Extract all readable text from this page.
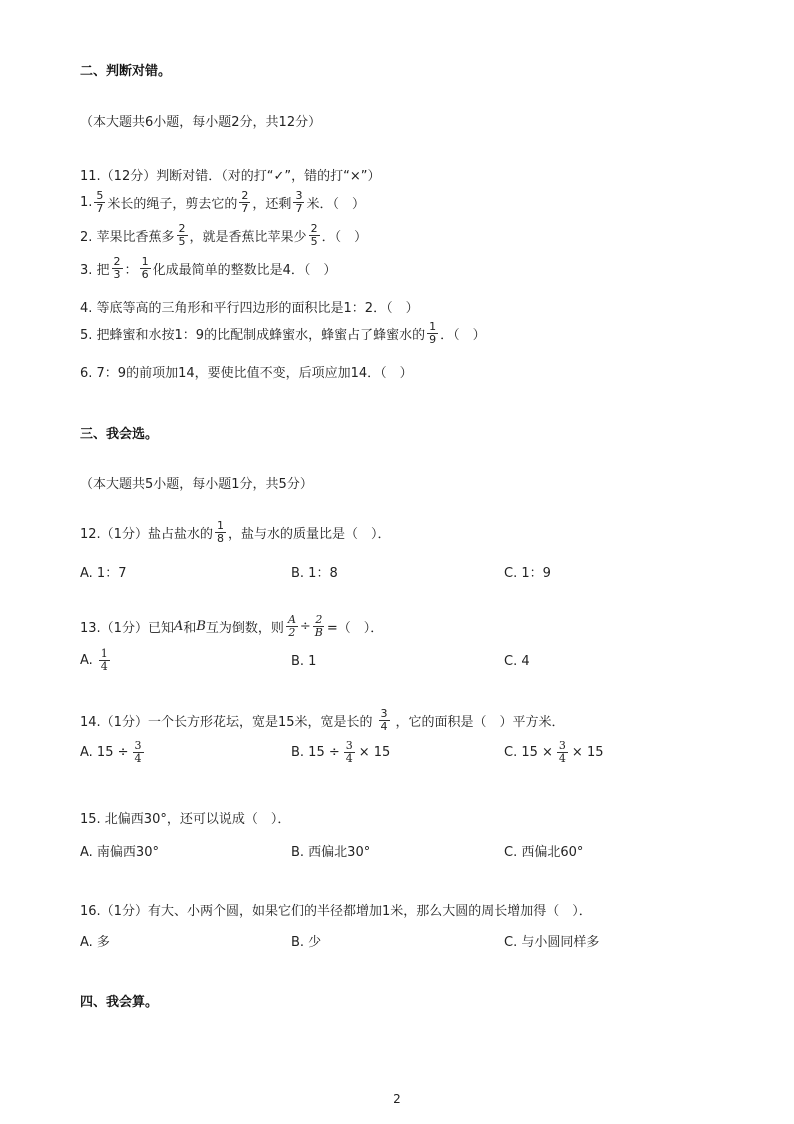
二、判断对错。
（本大题共6小题，每小题2分，共12分）
11.（12分）判断对错．（对的打“✓”，错的打“×”）
1. $\frac{5}{7}$ 米长的绳子，剪去它的 $\frac{2}{7}$ ，还剩 $\frac{3}{7}$ 米．（　）
2. 苹果比香蕉多 $\frac{2}{5}$ ，就是香蕉比苹果少 $\frac{2}{5}$ ．（　）
3. 把 $\frac{2}{3}$ ： $\frac{1}{6}$ 化成最简单的整数比是4．（　）
4. 等底等高的三角形和平行四边形的面积比是1：2．（　）
5. 把蜂蜜和水按1：9的比配制成蜂蜜水，蜂蜜占了蜂蜜水的 $\frac{1}{9}$ ．（　）
6. 7：9的前项加14，要使比值不变，后项应加14．（　）
三、我会选。
（本大题共5小题，每小题1分，共5分）
12.（1分）盐占盐水的 $\frac{1}{8}$ ，盐与水的质量比是（　）．
A. 1：7	B. 1：8	C. 1：9
13.（1分）已知 A 和 B 互为倒数，则 $\frac{A}{2} \div \frac{2}{B}$ =（　）．
A. $\frac{1}{4}$	B. 1	C. 4
14.（1分）一个长方形花坛，宽是15米，宽是长的 $\frac{3}{4}$ ，它的面积是（　）平方米．
A. $15 \div \frac{3}{4}$	B. $15 \div \frac{3}{4} \times 15$	C. $15 \times \frac{3}{4} \times 15$
15. 北偏西30°，还可以说成（　）．
A. 南偏西30°	B. 西偏北30°	C. 西偏北60°
16.（1分）有大、小两个圆，如果它们的半径都增加1米，那么大圆的周长增加得（　）．
A. 多	B. 少	C. 与小圆同样多
四、我会算。
2
